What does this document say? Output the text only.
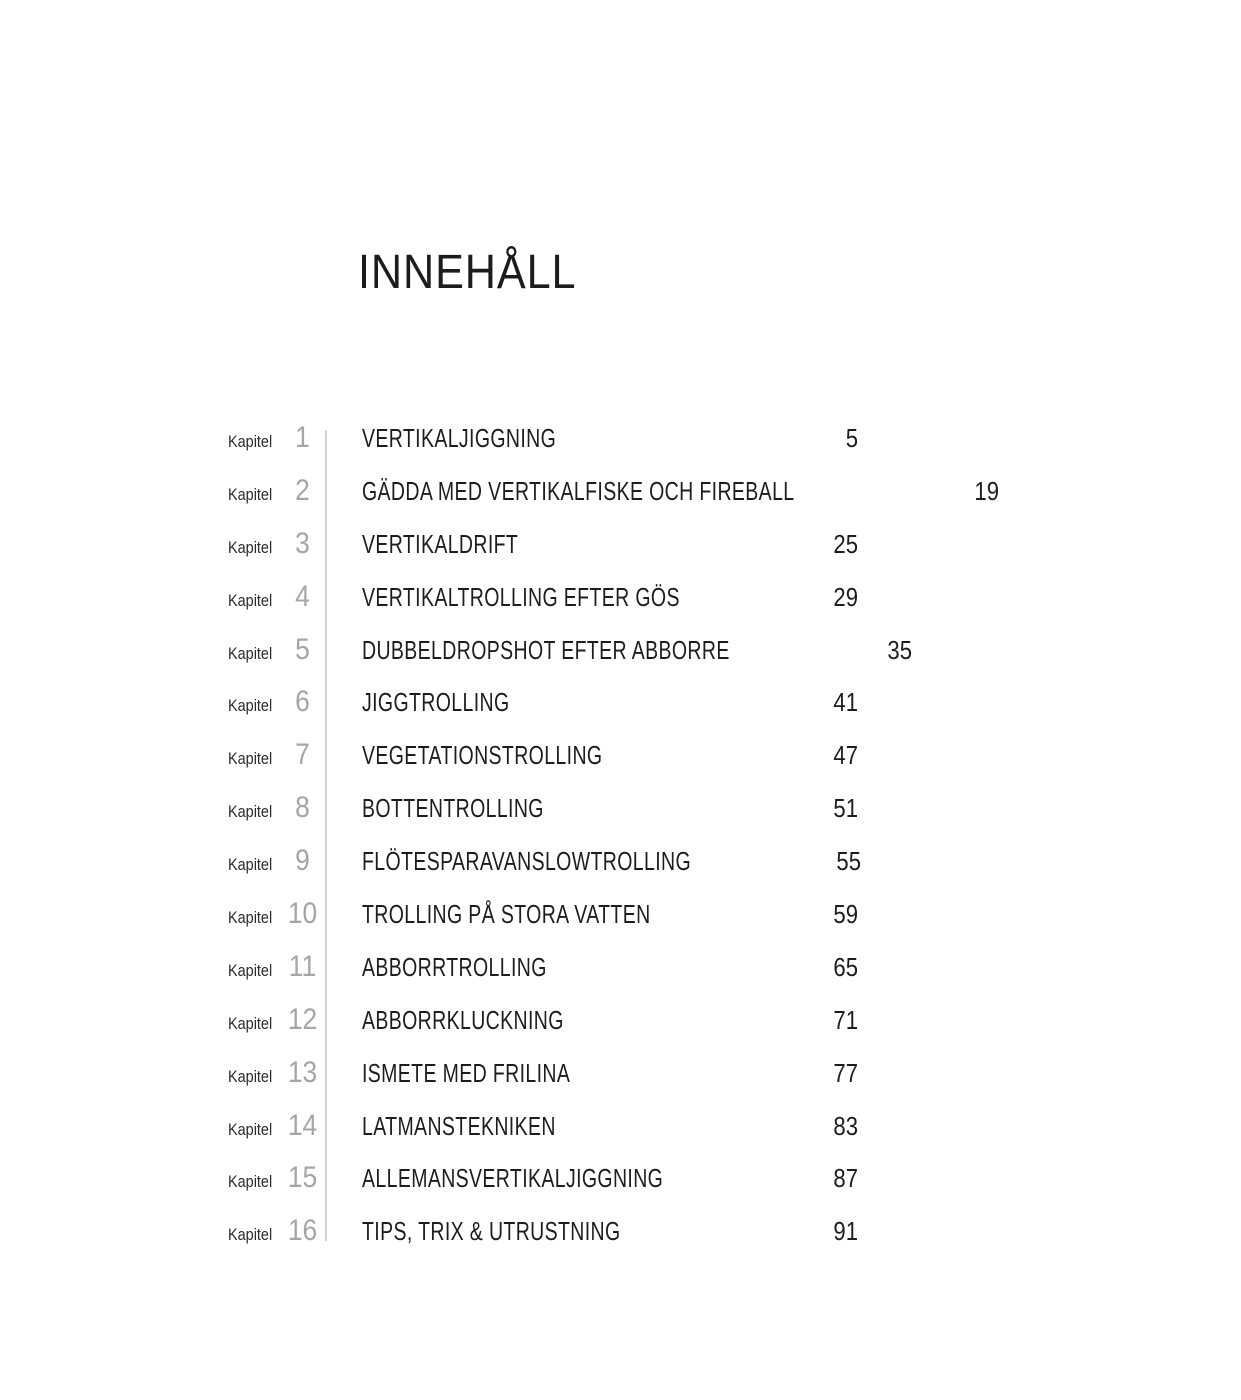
INNEHÅLL
Kapitel 1	VERTIKALJIGGNING	5
Kapitel 2	GÄDDA MED VERTIKALFISKE OCH FIREBALL	19
Kapitel 3	VERTIKALDRIFT	25
Kapitel 4	VERTIKALTROLLING EFTER GÖS	29
Kapitel 5	DUBBELDROPSHOT EFTER ABBORRE	35
Kapitel 6	JIGGTROLLING	41
Kapitel 7	VEGETATIONSTROLLING	47
Kapitel 8	BOTTENTROLLING	51
Kapitel 9	FLÖTESPARAVANSLOWTROLLING	55
Kapitel 10 TROLLING PÅ STORA VATTEN	59
Kapitel 11 ABBORRTROLLING	65
Kapitel 12 ABBORRKLUCKNING	71
Kapitel 13 ISMETE MED FRILINA	77
Kapitel 14 LATMANSTEKNIKEN	83
Kapitel 15 ALLEMANSVERTIKALJIGGNING	87
Kapitel 16 TIPS, TRIX & UTRUSTNING	91
